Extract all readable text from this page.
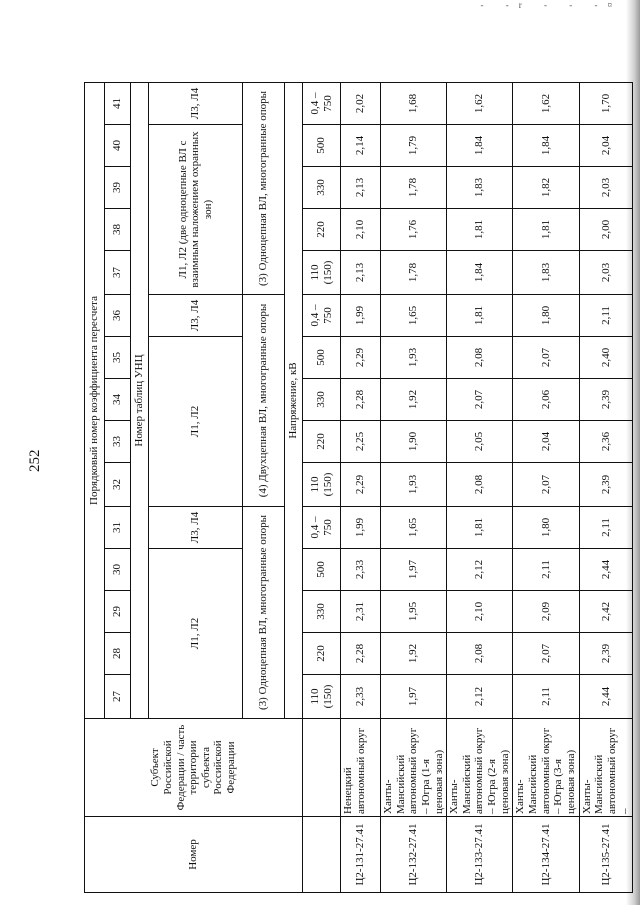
- -r - - -¤
252
Номер	Субъект Российской Федерации / часть территории субъекта Российской Федерации	Порядковый номер коэффициента пересчета														
		27	28	29	30	31	32	33	34	35	36	37	38	39	40	41
		Номер таблиц УНЦ														
		Л1, Л2				Л3, Л4	Л1, Л2				Л3, Л4	Л1, Л2 (две одноцепные ВЛ с взаимным наложением охранных зон)				Л3, Л4
		(3) Одноцепная ВЛ, многогранные опоры					(4) Двухцепная ВЛ, многогранные опоры					(3) Одноцепная ВЛ, многогранные опоры				
		Напряжение, кВ														
		110 (150)	220	330	500	0,4 – 750	110 (150)	220	330	500	0,4 – 750	110 (150)	220	330	500	0,4 – 750
Ц2-131-27.41	Ненецкий автономный округ	2,33	2,28	2,31	2,33	1,99	2,29	2,25	2,28	2,29	1,99	2,13	2,10	2,13	2,14	2,02
Ц2-132-27.41	Ханты-Мансийский автономный округ – Югра (1-я ценовая зона)	1,97	1,92	1,95	1,97	1,65	1,93	1,90	1,92	1,93	1,65	1,78	1,76	1,78	1,79	1,68
Ц2-133-27.41	Ханты-Мансийский автономный округ – Югра (2-я ценовая зона)	2,12	2,08	2,10	2,12	1,81	2,08	2,05	2,07	2,08	1,81	1,84	1,81	1,83	1,84	1,62
Ц2-134-27.41	Ханты-Мансийский автономный округ – Югра (3-я ценовая зона)	2,11	2,07	2,09	2,11	1,80	2,07	2,04	2,06	2,07	1,80	1,83	1,81	1,82	1,84	1,62
Ц2-135-27.41	Ханты-Мансийский автономный округ –	2,44	2,39	2,42	2,44	2,11	2,39	2,36	2,39	2,40	2,11	2,03	2,00	2,03	2,04	1,70
